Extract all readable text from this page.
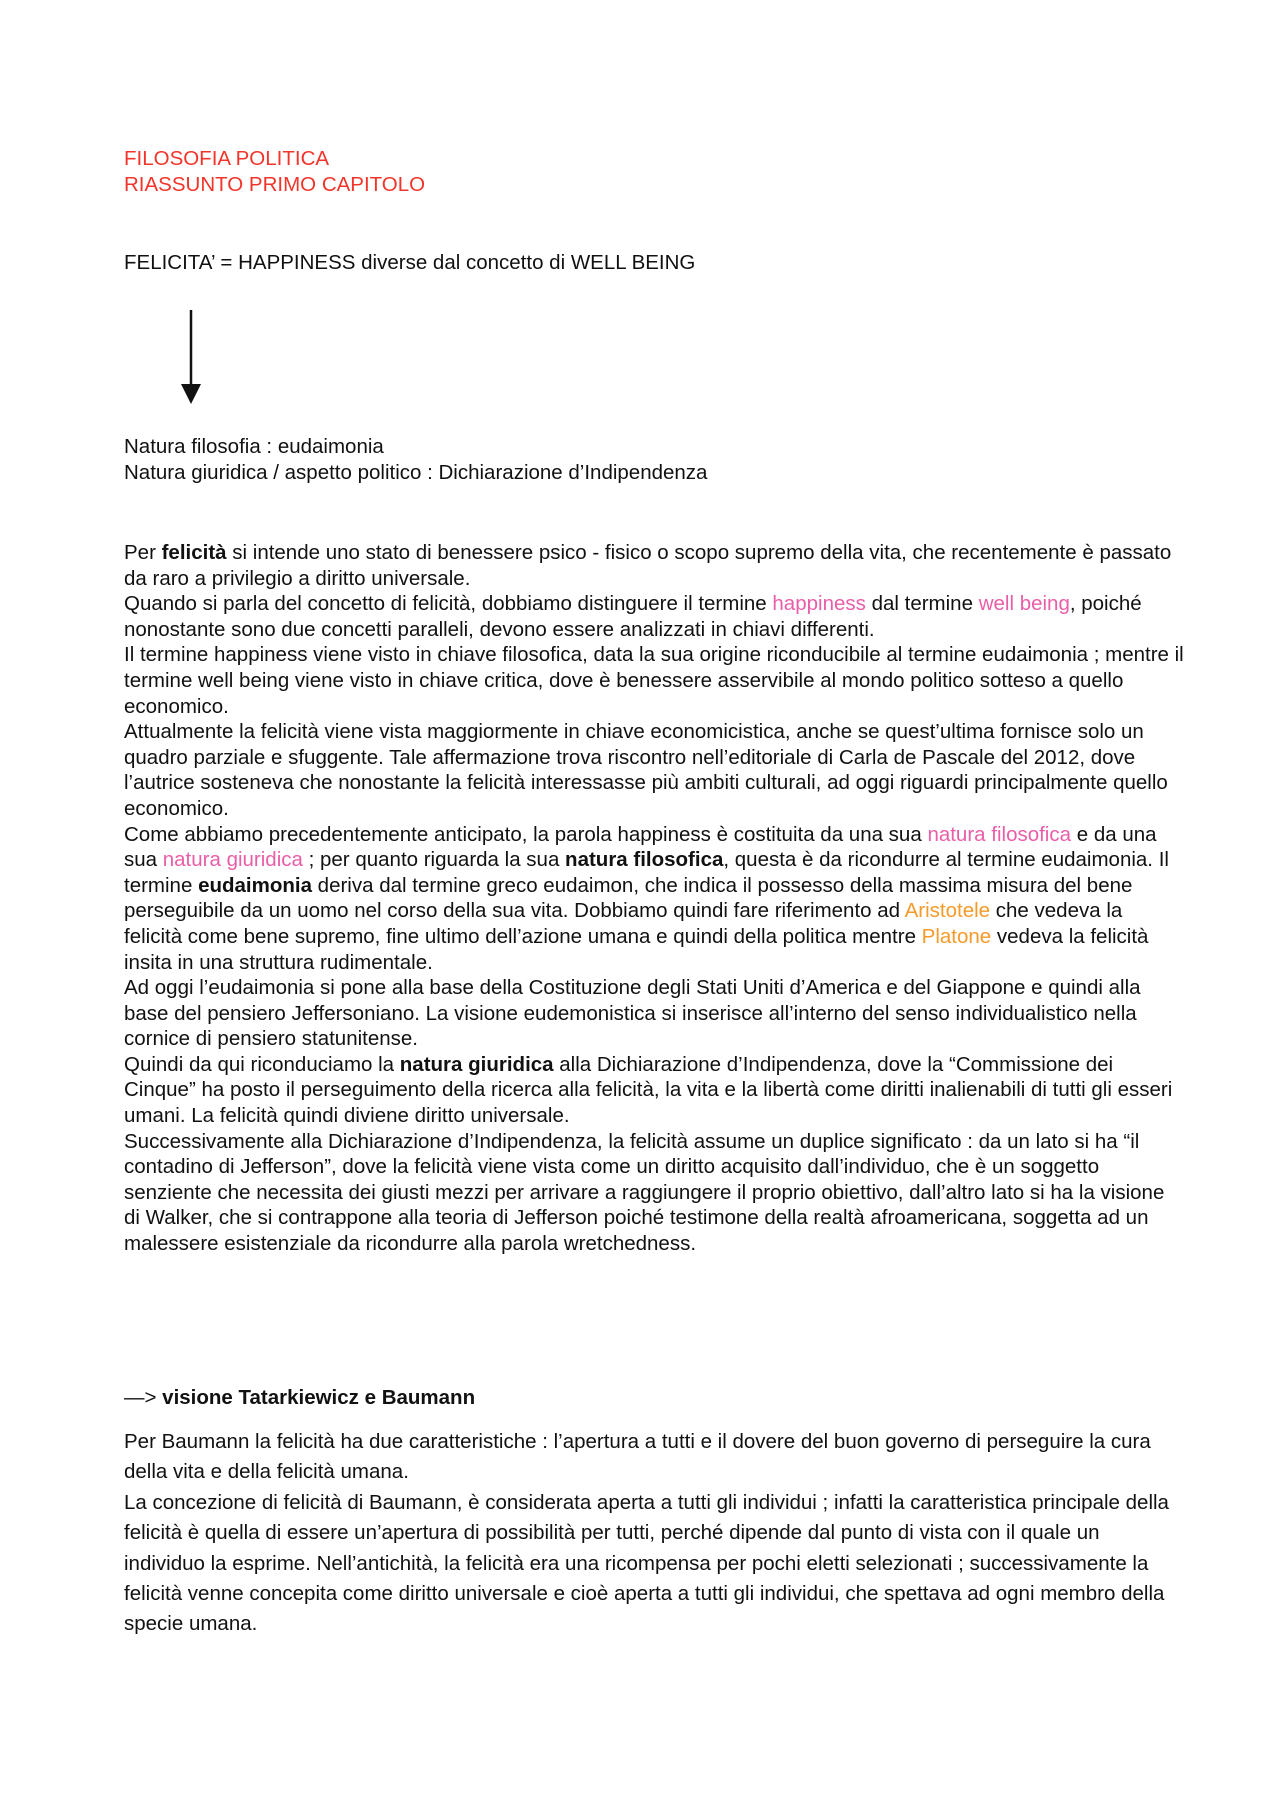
FILOSOFIA POLITICA
RIASSUNTO PRIMO CAPITOLO
FELICITA’ = HAPPINESS diverse dal concetto di WELL BEING
Natura filosofia : eudaimonia
Natura giuridica / aspetto politico : Dichiarazione d’Indipendenza

Per felicità si intende uno stato di benessere psico - fisico o scopo supremo della vita, che recentemente è passato da raro a privilegio a diritto universale.

Quando si parla del concetto di felicità, dobbiamo distinguere il termine happiness dal termine well being, poiché nonostante sono due concetti paralleli, devono essere analizzati in chiavi differenti.

Il termine happiness viene visto in chiave filosofica, data la sua origine riconducibile al termine eudaimonia ; mentre il termine well being viene visto in chiave critica, dove è benessere asservibile al mondo politico sotteso a quello economico.

Attualmente la felicità viene vista maggiormente in chiave economicistica, anche se quest’ultima fornisce solo un quadro parziale e sfuggente. Tale affermazione trova riscontro nell’editoriale di Carla de Pascale del 2012, dove l’autrice sosteneva che nonostante la felicità interessasse più ambiti culturali, ad oggi riguardi principalmente quello economico.

Come abbiamo precedentemente anticipato, la parola happiness è costituita da una sua natura filosofica e da una sua natura giuridica ; per quanto riguarda la sua natura filosofica, questa è da ricondurre al termine eudaimonia. Il termine eudaimonia deriva dal termine greco eudaimon, che indica il possesso della massima misura del bene perseguibile da un uomo nel corso della sua vita. Dobbiamo quindi fare riferimento ad Aristotele che vedeva la felicità come bene supremo, fine ultimo dell’azione umana e quindi della politica mentre Platone vedeva la felicità insita in una struttura rudimentale.

Ad oggi l’eudaimonia si pone alla base della Costituzione degli Stati Uniti d’America e del Giappone e quindi alla base del pensiero Jeffersoniano. La visione eudemonistica si inserisce all’interno del senso individualistico nella cornice di pensiero statunitense.

Quindi da qui riconduciamo la natura giuridica alla Dichiarazione d’Indipendenza, dove la “Commissione dei Cinque” ha posto il perseguimento della ricerca alla felicità, la vita e la libertà come diritti inalienabili di tutti gli esseri umani. La felicità quindi diviene diritto universale.

Successivamente alla Dichiarazione d’Indipendenza, la felicità assume un duplice significato : da un lato si ha “il contadino di Jefferson”, dove la felicità viene vista come un diritto acquisito dall’individuo, che è un soggetto senziente che necessita dei giusti mezzi per arrivare a raggiungere il proprio obiettivo, dall’altro lato si ha la visione di Walker, che si contrappone alla teoria di Jefferson poiché testimone della realtà afroamericana, soggetta ad un malessere esistenziale da ricondurre alla parola wretchedness.

—> visione Tatarkiewicz e Baumann

Per Baumann la felicità ha due caratteristiche : l’apertura a tutti e il dovere del buon governo di perseguire la cura della vita e della felicità umana.

La concezione di felicità di Baumann, è considerata aperta a tutti gli individui ; infatti la caratteristica principale della felicità è quella di essere un’apertura di possibilità per tutti, perché dipende dal punto di vista con il quale un individuo la esprime. Nell’antichità, la felicità era una ricompensa per pochi eletti selezionati ; successivamente la felicità venne concepita come diritto universale e cioè aperta a tutti gli individui, che spettava ad ogni membro della specie umana.
